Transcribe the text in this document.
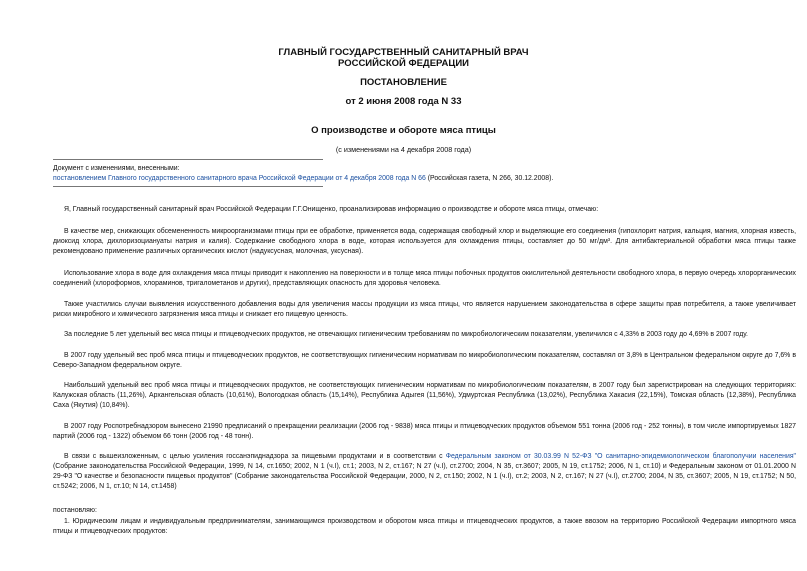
ГЛАВНЫЙ ГОСУДАРСТВЕННЫЙ САНИТАРНЫЙ ВРАЧ
РОССИЙСКОЙ ФЕДЕРАЦИИ
ПОСТАНОВЛЕНИЕ
от 2 июня 2008 года N 33
О производстве и обороте мяса птицы
(с изменениями на 4 декабря 2008 года)
Документ с изменениями, внесенными:
постановлением Главного государственного санитарного врача Российской Федерации от 4 декабря 2008 года N 66 (Российская газета, N 266, 30.12.2008).
Я, Главный государственный санитарный врач Российской Федерации Г.Г.Онищенко, проанализировав информацию о производстве и обороте мяса птицы, отмечаю:
В качестве мер, снижающих обсемененность микроорганизмами птицы при ее обработке, применяется вода, содержащая свободный хлор и выделяющие его соединения (гипохлорит натрия, кальция, магния, хлорная известь, диоксид хлора, дихлоризоциануаты натрия и калия). Содержание свободного хлора в воде, которая используется для охлаждения птицы, составляет до 50 мг/дм³. Для антибактериальной обработки мяса птицы также рекомендовано применение различных органических кислот (надуксусная, молочная, уксусная).
Использование хлора в воде для охлаждения мяса птицы приводит к накоплению на поверхности и в толще мяса птицы побочных продуктов окислительной деятельности свободного хлора, в первую очередь хлорорганических соединений (хлороформов, хлораминов, тригалометанов и других), представляющих опасность для здоровья человека.
Также участились случаи выявления искусственного добавления воды для увеличения массы продукции из мяса птицы, что является нарушением законодательства в сфере защиты прав потребителя, а также увеличивает риски микробного и химического загрязнения мяса птицы и снижает его пищевую ценность.
За последние 5 лет удельный вес мяса птицы и птицеводческих продуктов, не отвечающих гигиеническим требованиям по микробиологическим показателям, увеличился с 4,33% в 2003 году до 4,69% в 2007 году.
В 2007 году удельный вес проб мяса птицы и птицеводческих продуктов, не соответствующих гигиеническим нормативам по микробиологическим показателям, составлял от 3,8% в Центральном федеральном округе до 7,6% в Северо-Западном федеральном округе.
Наибольший удельный вес проб мяса птицы и птицеводческих продуктов, не соответствующих гигиеническим нормативам по микробиологическим показателям, в 2007 году был зарегистрирован на следующих территориях: Калужская область (11,26%), Архангельская область (10,61%), Вологодская область (15,14%), Республика Адыгея (11,56%), Удмуртская Республика (13,02%), Республика Хакасия (22,15%), Томская область (12,38%), Республика Саха (Якутия) (10,84%).
В 2007 году Роспотребнадзором вынесено 21990 предписаний о прекращении реализации (2006 год - 9838) мяса птицы и птицеводческих продуктов объемом 551 тонна (2006 год - 252 тонны), в том числе импортируемых 1827 партий (2006 год - 1322) объемом 66 тонн (2006 год - 48 тонн).
В связи с вышеизложенным, с целью усиления госсанэпиднадзора за пищевыми продуктами и в соответствии с Федеральным законом от 30.03.99 N 52-ФЗ "О санитарно-эпидемиологическом благополучии населения" (Собрание законодательства Российской Федерации, 1999, N 14, ст.1650; 2002, N 1 (ч.I), ст.1; 2003, N 2, ст.167; N 27 (ч.I), ст.2700; 2004, N 35, ст.3607; 2005, N 19, ст.1752; 2006, N 1, ст.10) и Федеральным законом от 01.01.2000 N 29-ФЗ "О качестве и безопасности пищевых продуктов" (Собрание законодательства Российской Федерации, 2000, N 2, ст.150; 2002, N 1 (ч.I), ст.2; 2003, N 2, ст.167; N 27 (ч.I), ст.2700; 2004, N 35, ст.3607; 2005, N 19, ст.1752; N 50, ст.5242; 2006, N 1, ст.10; N 14, ст.1458)
постановляю:
1. Юридическим лицам и индивидуальным предпринимателям, занимающимся производством и оборотом мяса птицы и птицеводческих продуктов, а также ввозом на территорию Российской Федерации импортного мяса птицы и птицеводческих продуктов:
